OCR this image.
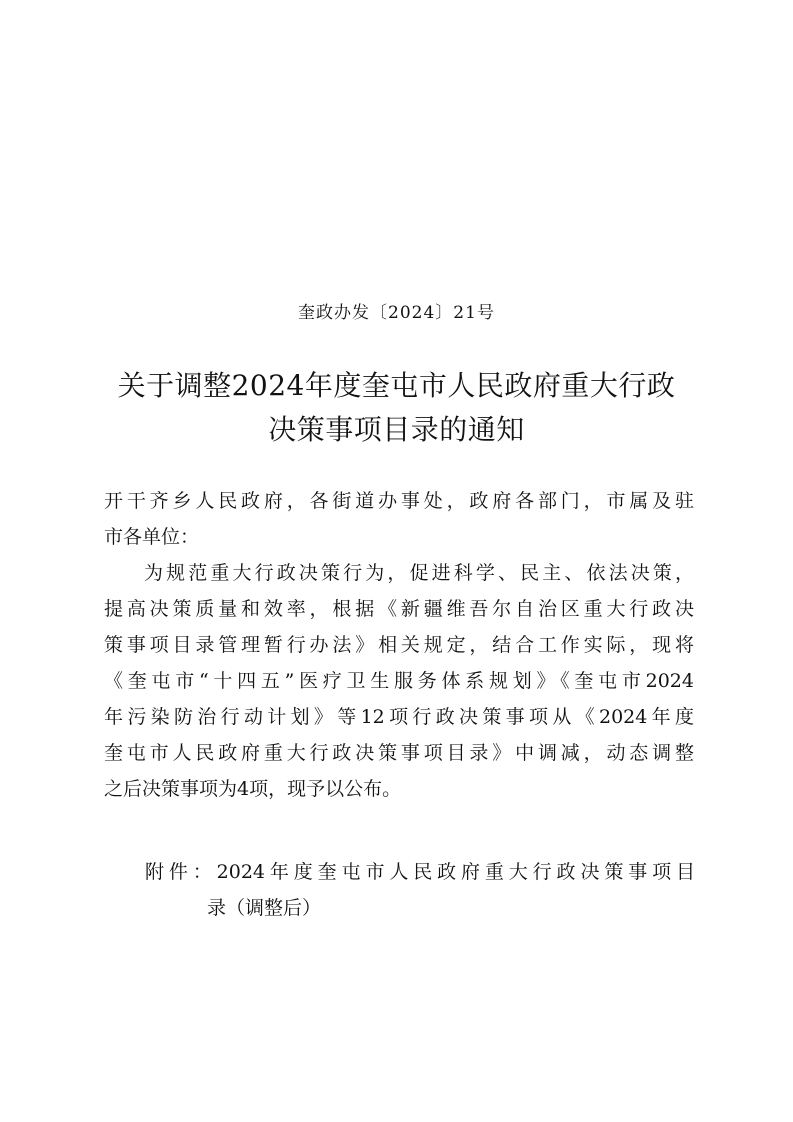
奎政办发〔2024〕21号
关于调整2024年度奎屯市人民政府重大行政
决策事项目录的通知
开干齐乡人民政府，各街道办事处，政府各部门，市属及驻
市各单位：
为规范重大行政决策行为，促进科学、民主、依法决策，
提高决策质量和效率，根据《新疆维吾尔自治区重大行政决
策事项目录管理暂行办法》相关规定，结合工作实际，现将
《奎屯市“十四五”医疗卫生服务体系规划》《奎屯市2024
年污染防治行动计划》等12项行政决策事项从《2024年度
奎屯市人民政府重大行政决策事项目录》中调减，动态调整
之后决策事项为4项，现予以公布。
附件：2024年度奎屯市人民政府重大行政决策事项目
录（调整后）
